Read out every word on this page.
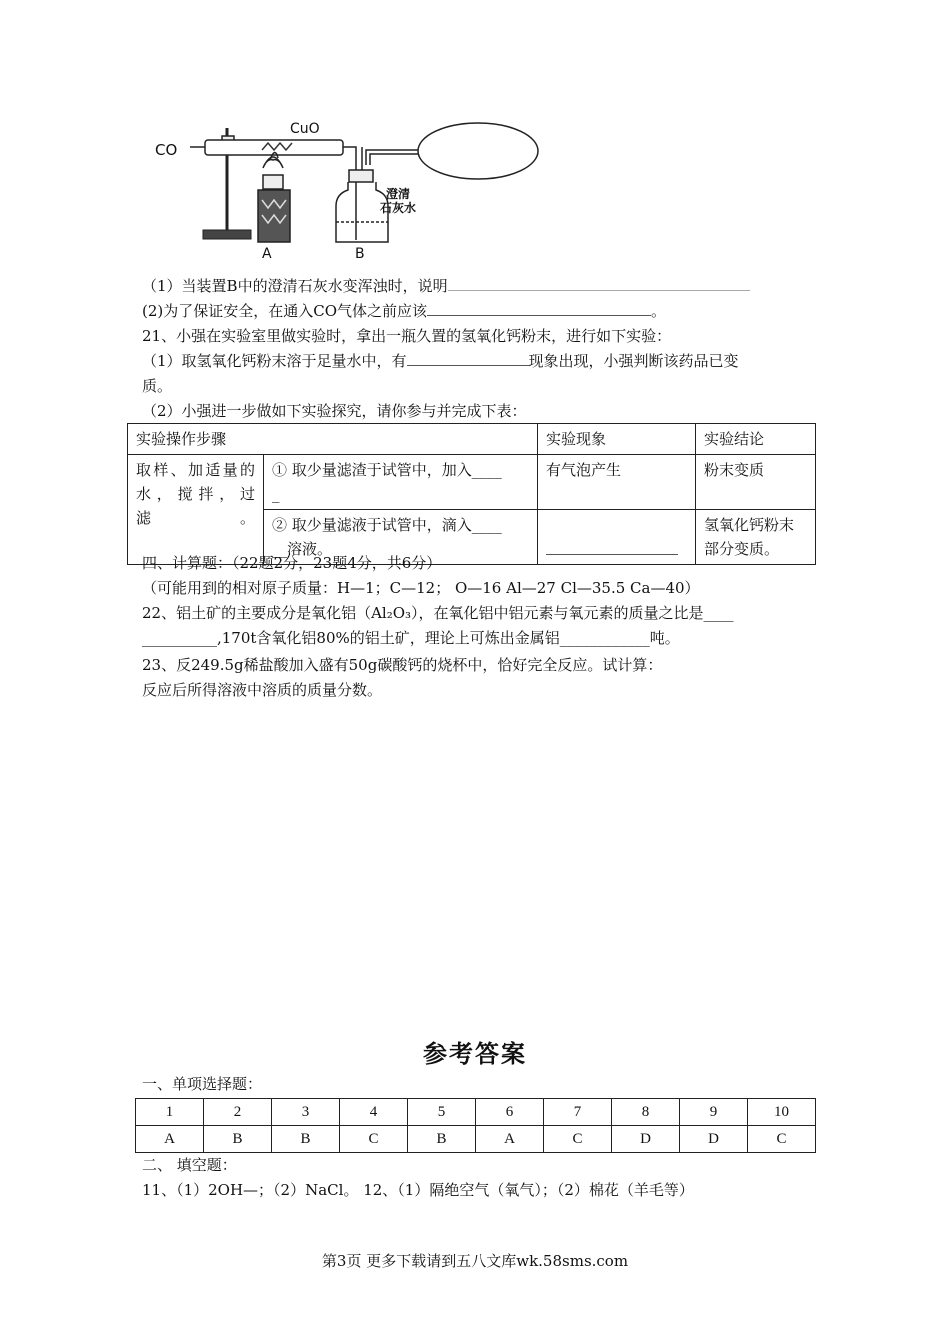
CO
CuO
A
澄清
石灰水
B
（1）当装置B中的澄清石灰水变浑浊时，说明
(2)为了保证安全，在通入CO气体之前应该	。
21、小强在实验室里做实验时，拿出一瓶久置的氢氧化钙粉末，进行如下实验：
（1）取氢氧化钙粉末溶于足量水中，有	现象出现，小强判断该药品已变
质。
（2）小强进一步做如下实验探究，请你参与并完成下表：
实验操作步骤		实验现象	实验结论

取样、加适量的水，搅拌，过滤。	① 取少量滤渣于试管中，加入____
_	有气泡产生	粉末变质

	② 取少量滤液于试管中，滴入____
__溶液。		氢氧化钙粉末部分变质。
四、计算题：（22题2分，23题4分，共6分）
（可能用到的相对原子质量：H—1；C—12； O—16 Al—27 Cl—35.5 Ca—40）
22、铝土矿的主要成分是氧化铝（Al₂O₃），在氧化铝中铝元素与氧元素的质量之比是____
__________,170t含氧化铝80%的铝土矿，理论上可炼出金属铝____________吨。
23、反249.5g稀盐酸加入盛有50g碳酸钙的烧杯中，恰好完全反应。试计算：
反应后所得溶液中溶质的质量分数。
参考答案
一、单项选择题：
1	2	3	4	5	6	7	8	9	10
A	B	B	C	B	A	C	D	D	C
二、 填空题：
11、（1）2OH—；（2）NaCl。 12、（1）隔绝空气（氧气）；（2）棉花（羊毛等）
第3页 更多下载请到五八文库wk.58sms.com
